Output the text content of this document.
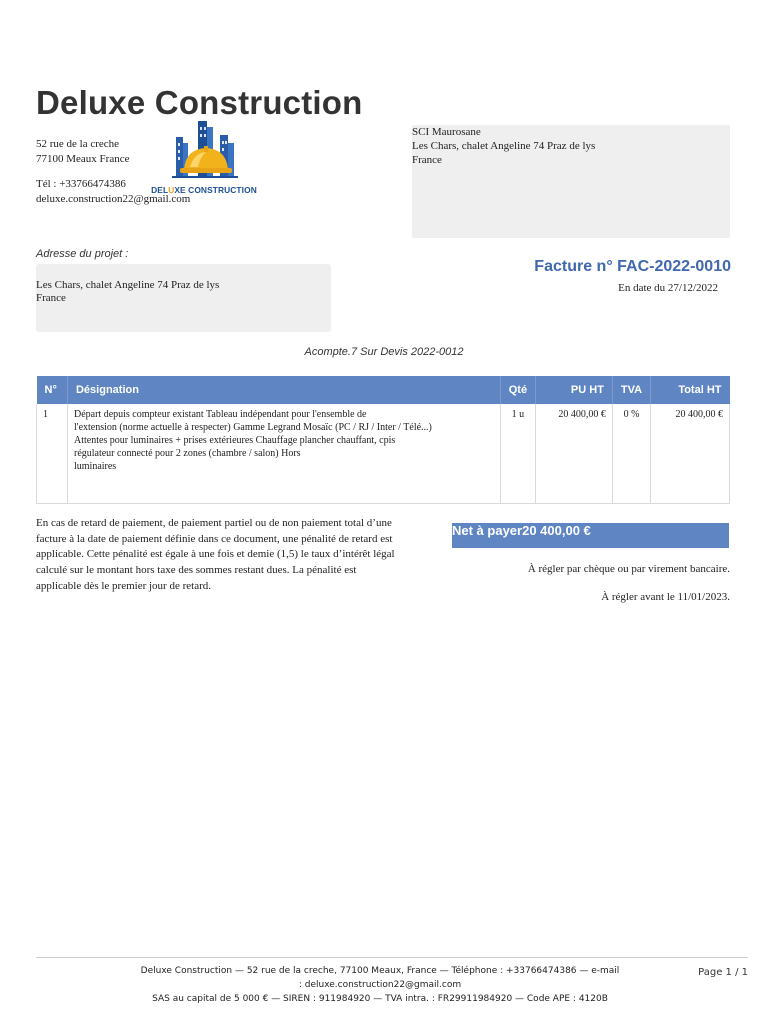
Deluxe Construction
52 rue de la creche
77100 Meaux France
Tél : +33766474386
deluxe.construction22@gmail.com
DELUXE CONSTRUCTION
SCI Maurosane
Les Chars, chalet Angeline 74 Praz de lys
France
Adresse du projet :
Les Chars, chalet Angeline 74 Praz de lys
France
Facture n° FAC-2022-0010
En date du 27/12/2022
Acompte.7 Sur Devis 2022-0012
N°	Désignation	Qté	PU HT	TVA	Total HT
1	Départ depuis compteur existant Tableau indépendant pour l'ensemble de
l'extension (norme actuelle à respecter) Gamme Legrand Mosaïc (PC / RJ / Inter / Télé...)
Attentes pour luminaires + prises extérieures Chauffage plancher chauffant, cpis
régulateur connecté pour 2 zones (chambre / salon) Hors
luminaires	1 u	20 400,00 €	0 %	20 400,00 €
En cas de retard de paiement, de paiement partiel ou de non paiement total d’une facture à la date de paiement définie dans ce document, une pénalité de retard est applicable. Cette pénalité est égale à une fois et demie (1,5) le taux d’intérêt légal calculé sur le montant hors taxe des sommes restant dues. La pénalité est applicable dès le premier jour de retard.
Net à payer20 400,00 €
À régler par chèque ou par virement bancaire.
À régler avant le 11/01/2023.
Deluxe Construction — 52 rue de la creche, 77100 Meaux, France — Téléphone : +33766474386 — e-mail
: deluxe.construction22@gmail.com
SAS au capital de 5 000 € — SIREN : 911984920 — TVA intra. : FR29911984920 — Code APE : 4120B
Page 1 / 1
